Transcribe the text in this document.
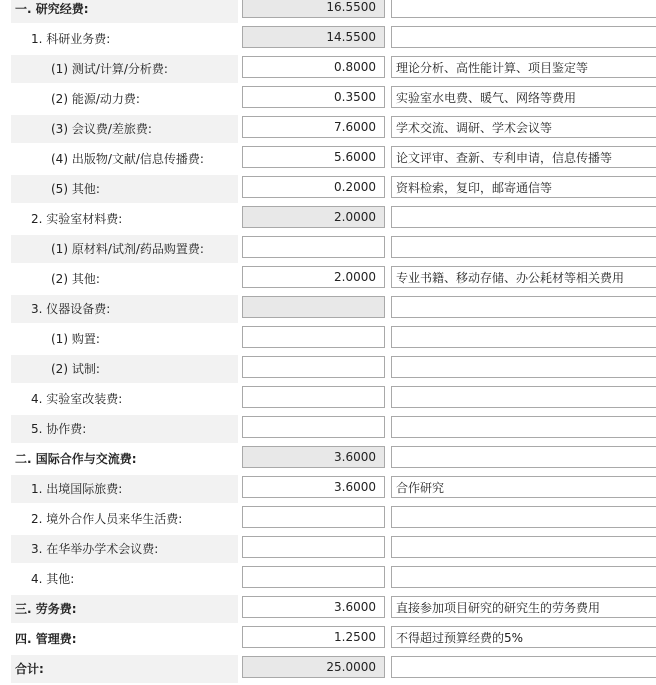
一. 研究经费:
16.5500
1. 科研业务费:
14.5500
(1) 测试/计算/分析费:
0.8000
理论分析、高性能计算、项目鉴定等
(2) 能源/动力费:
0.3500
实验室水电费、暖气、网络等费用
(3) 会议费/差旅费:
7.6000
学术交流、调研、学术会议等
(4) 出版物/文献/信息传播费:
5.6000
论文评审、查新、专利申请，信息传播等
(5) 其他:
0.2000
资料检索，复印，邮寄通信等
2. 实验室材料费:
2.0000
(1) 原材料/试剂/药品购置费:
(2) 其他:
2.0000
专业书籍、移动存储、办公耗材等相关费用
3. 仪器设备费:
(1) 购置:
(2) 试制:
4. 实验室改装费:
5. 协作费:
二. 国际合作与交流费:
3.6000
1. 出境国际旅费:
3.6000
合作研究
2. 境外合作人员来华生活费:
3. 在华举办学术会议费:
4. 其他:
三. 劳务费:
3.6000
直接参加项目研究的研究生的劳务费用
四. 管理费:
1.2500
不得超过预算经费的5%
合计:
25.0000
